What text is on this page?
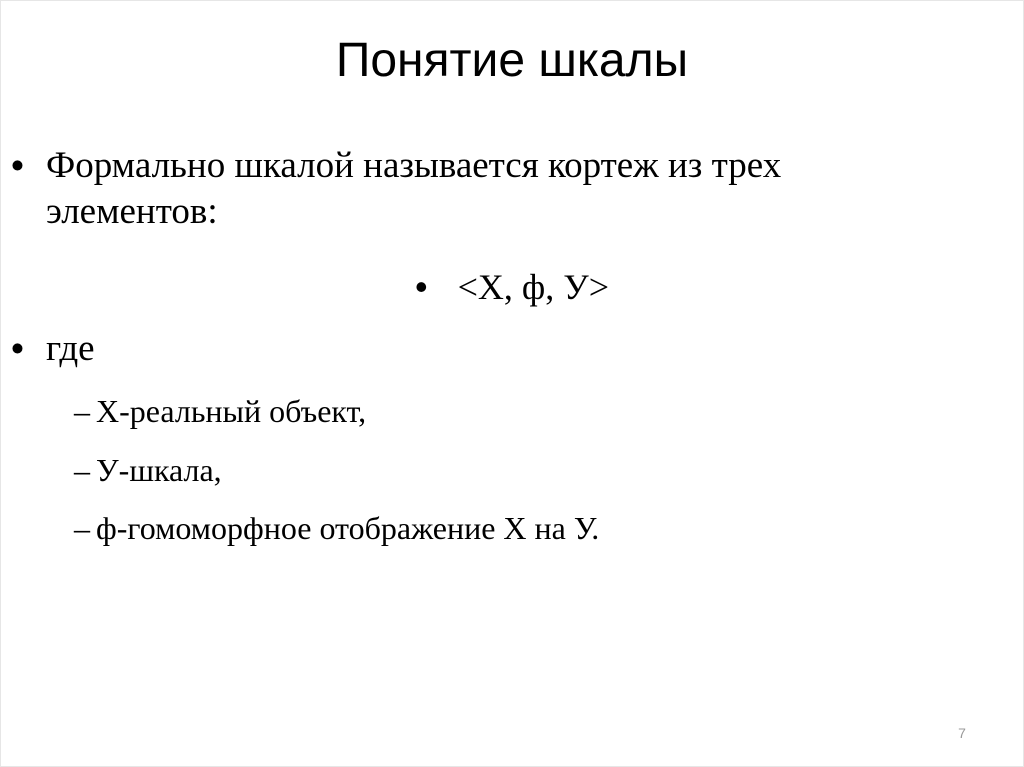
Понятие шкалы
• Формально шкалой называется кортеж из трех
элементов:
• <Х, ф, У>
• где
– Х-реальный объект,
– У-шкала,
– ф-гомоморфное отображение Х на У.
7
